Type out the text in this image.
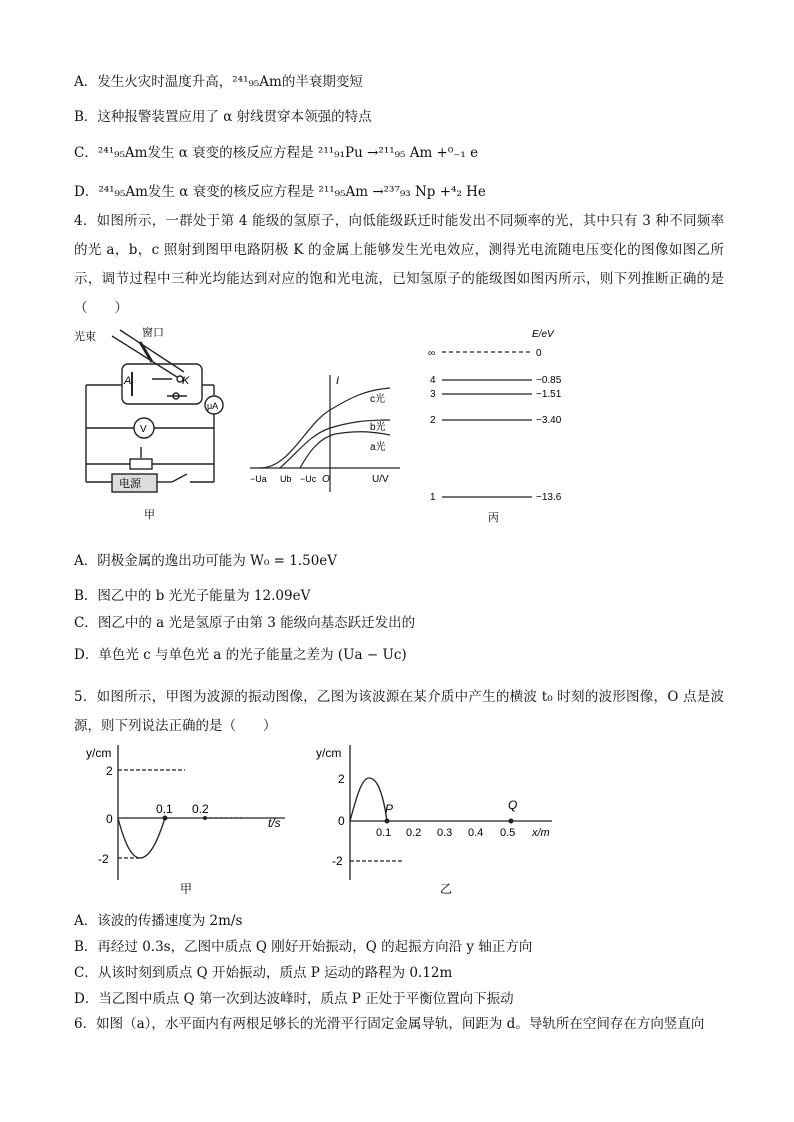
A．发生火灾时温度升高，²⁴¹₉₅Am的半衰期变短
B．这种报警装置应用了 α 射线贯穿本领强的特点
C．²⁴¹₉₅Am发生 α 衰变的核反应方程是 ²¹¹₉₁Pu →²¹¹₉₅ Am +⁰₋₁ e
D．²⁴¹₉₅Am发生 α 衰变的核反应方程是 ²¹¹₉₅Am →²³⁷₉₃ Np +⁴₂ He
4．如图所示，一群处于第 4 能级的氢原子，向低能级跃迁时能发出不同频率的光，其中只有 3 种不同频率的光 a，b，c 照射到图甲电路阴极 K 的金属上能够发生光电效应，测得光电流随电压变化的图像如图乙所示，调节过程中三种光均能达到对应的饱和光电流，已知氢原子的能级图如图丙所示，则下列推断正确的是（　　）
光束	窗口
A	K
μA
V
电源
甲
I
c光
b光
a光
−Ua Ub −Uc O	U/V
E/eV
∞
4
3
2
1
0
−0.85
−1.51
−3.40
−13.6
丙
A．阴极金属的逸出功可能为 W₀ = 1.50eV
B．图乙中的 b 光光子能量为 12.09eV
C．图乙中的 a 光是氢原子由第 3 能级向基态跃迁发出的
D．单色光 c 与单色光 a 的光子能量之差为 (Ua − Uc)
5．如图所示，甲图为波源的振动图像，乙图为该波源在某介质中产生的横波 t₀ 时刻的波形图像，O 点是波源，则下列说法正确的是（　　）
y/cm
2
0
-2
0.1 0.2
t/s
甲
y/cm
2
0
-2
P	Q
0.1 0.2 0.3 0.4 0.5 x/m
乙
A．该波的传播速度为 2m/s
B．再经过 0.3s，乙图中质点 Q 刚好开始振动，Q 的起振方向沿 y 轴正方向
C．从该时刻到质点 Q 开始振动，质点 P 运动的路程为 0.12m
D．当乙图中质点 Q 第一次到达波峰时，质点 P 正处于平衡位置向下振动
6．如图（a），水平面内有两根足够长的光滑平行固定金属导轨，间距为 d。导轨所在空间存在方向竖直向
